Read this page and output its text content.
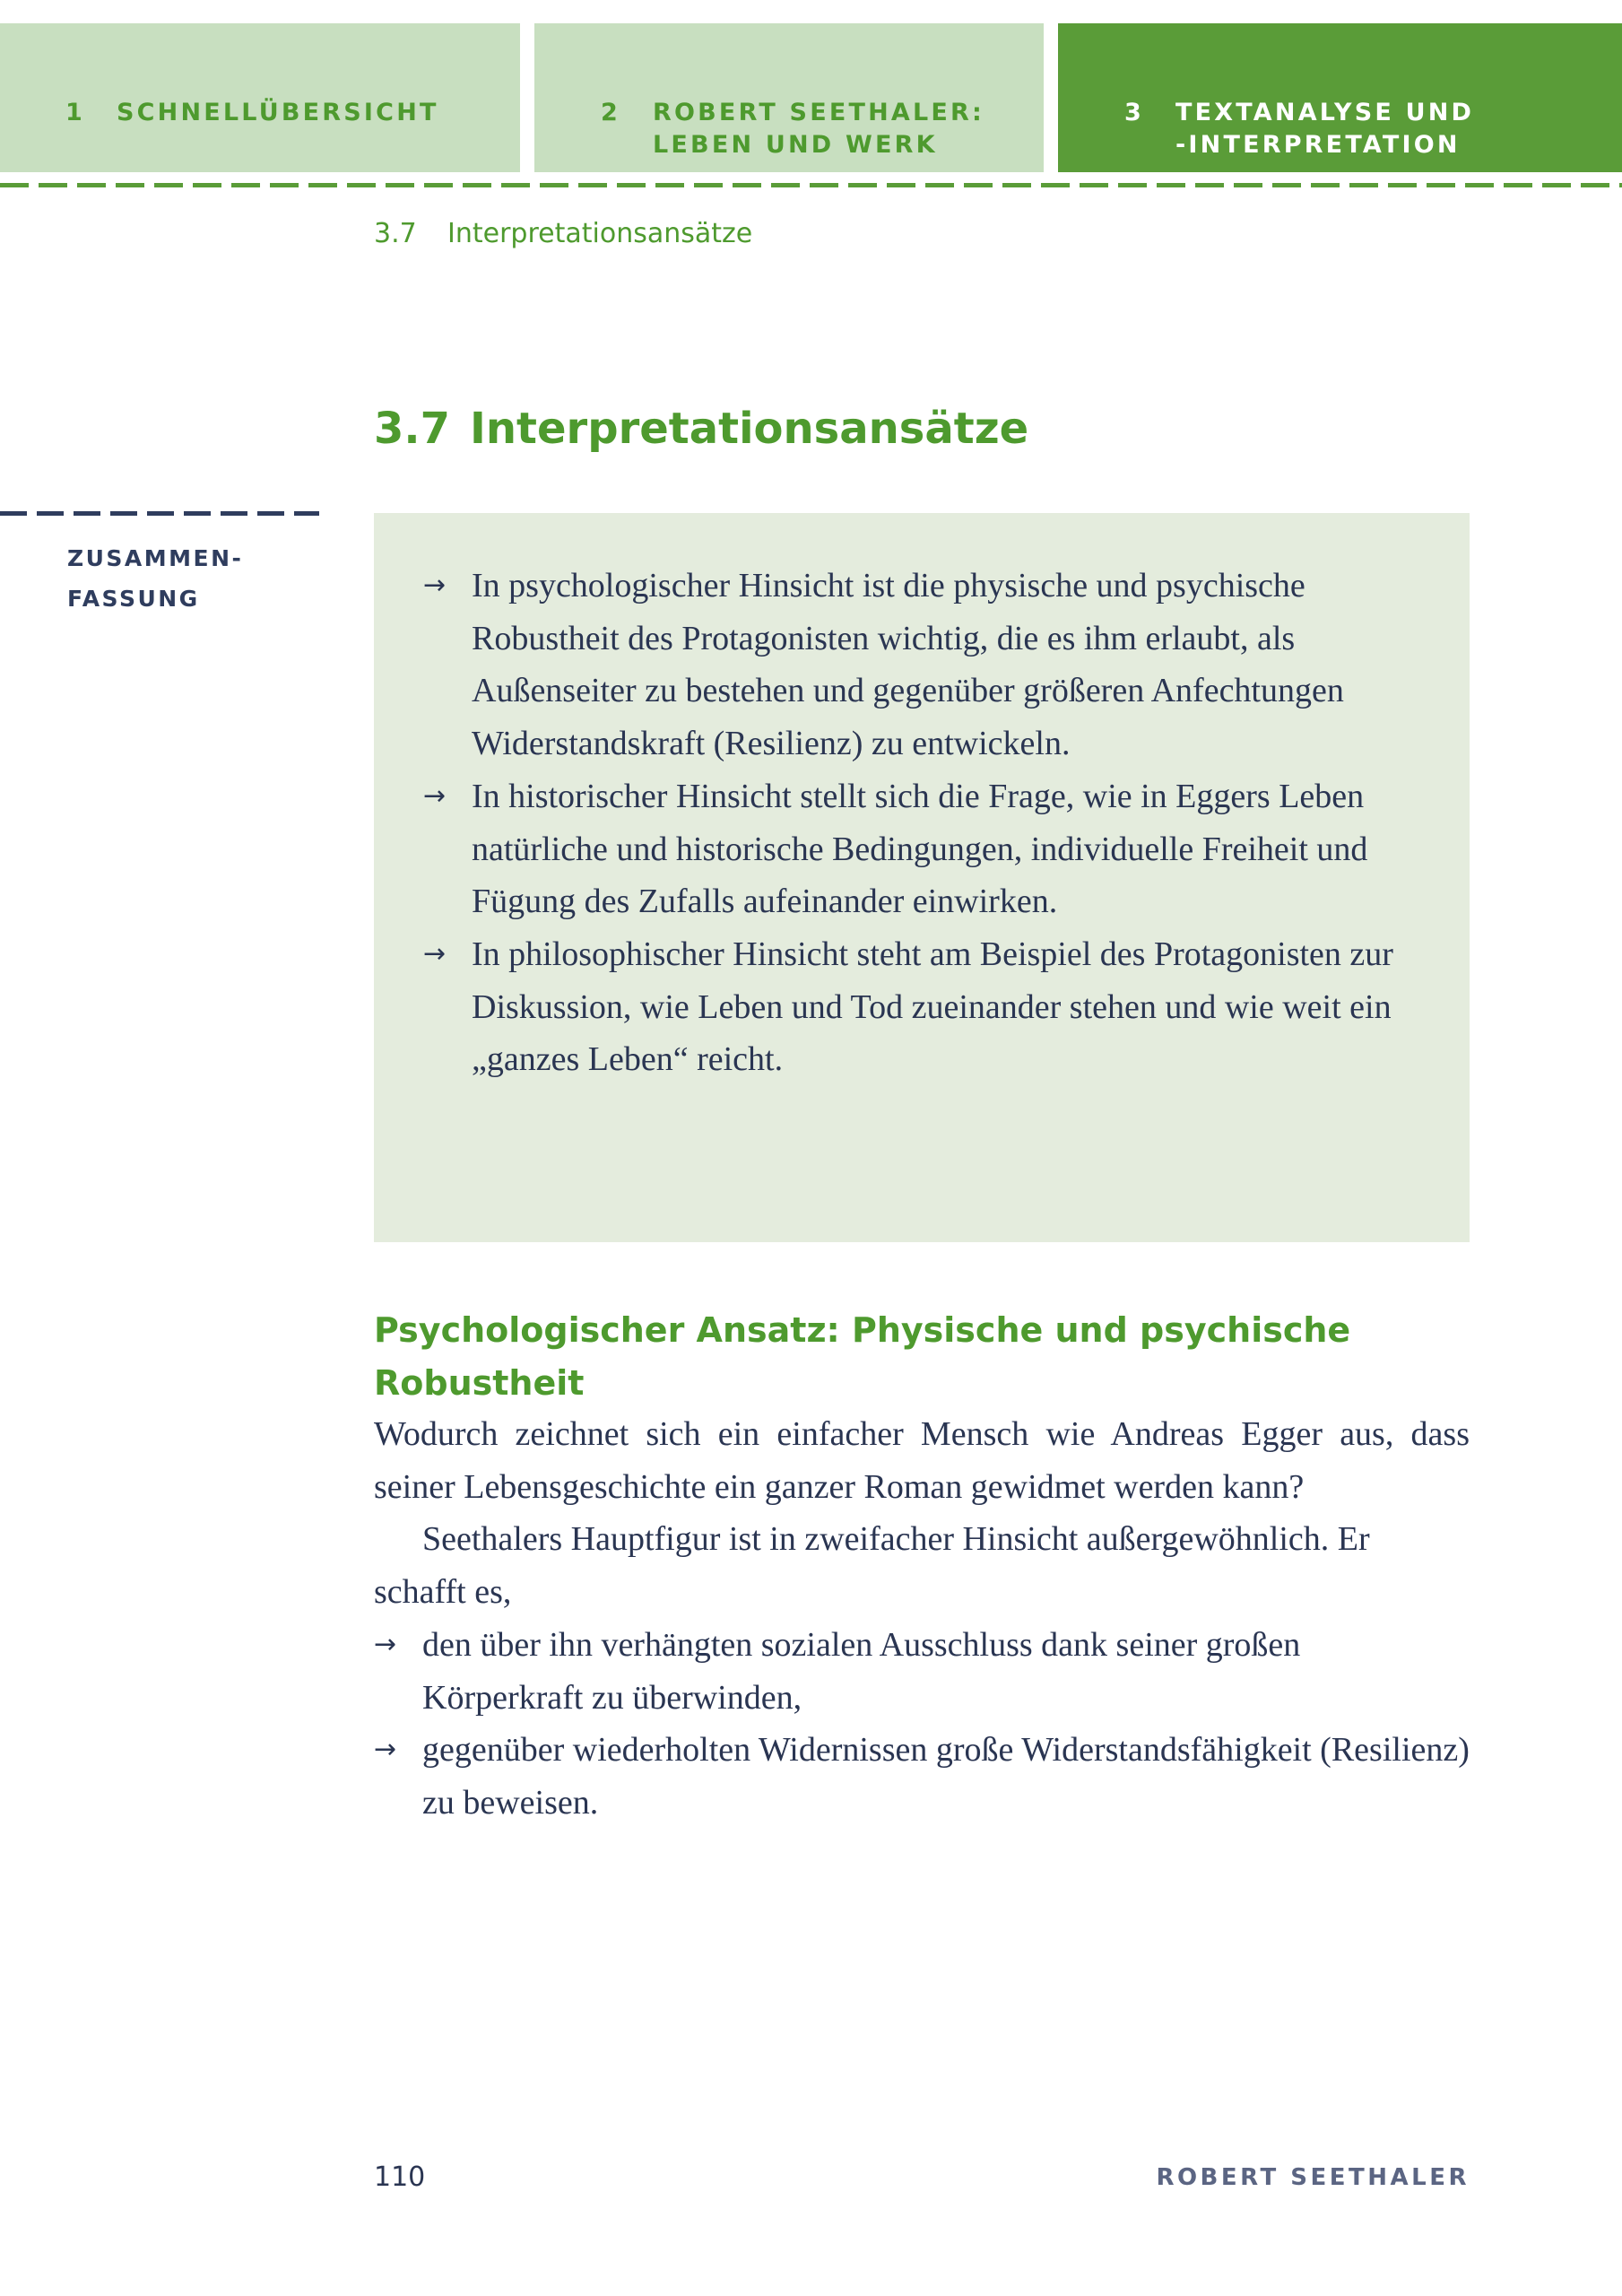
1 SCHNELLÜBERSICHT	2 ROBERT SEETHALER:
LEBEN UND WERK
3 TEXTANALYSE UND
-INTERPRETATION
3.7 Interpretationsansätze
3.7 Interpretationsansätze
ZUSAMMEN-
FASSUNG	→ In psychologischer Hinsicht ist die physische und psychische Robustheit des Protagonisten wichtig, die es ihm erlaubt, als Außenseiter zu bestehen und gegenüber größeren Anfechtungen Widerstandskraft (Resilienz) zu entwickeln.
→ In historischer Hinsicht stellt sich die Frage, wie in Eggers Leben natürliche und historische Bedingungen, individuelle Freiheit und Fügung des Zufalls aufeinander einwirken.
→ In philosophischer Hinsicht steht am Beispiel des Protagonisten zur Diskussion, wie Leben und Tod zueinander stehen und wie weit ein „ganzes Leben“ reicht.
Psychologischer Ansatz: Physische und psychische Robustheit

Wodurch zeichnet sich ein einfacher Mensch wie Andreas Egger aus, dass seiner Lebensgeschichte ein ganzer Roman gewidmet werden kann?

Seethalers Hauptfigur ist in zweifacher Hinsicht außergewöhnlich. Er schafft es,

→ den über ihn verhängten sozialen Ausschluss dank seiner großen Körperkraft zu überwinden,
→ gegenüber wiederholten Widernissen große Widerstandsfähigkeit (Resilienz) zu beweisen.
110	ROBERT SEETHALER
